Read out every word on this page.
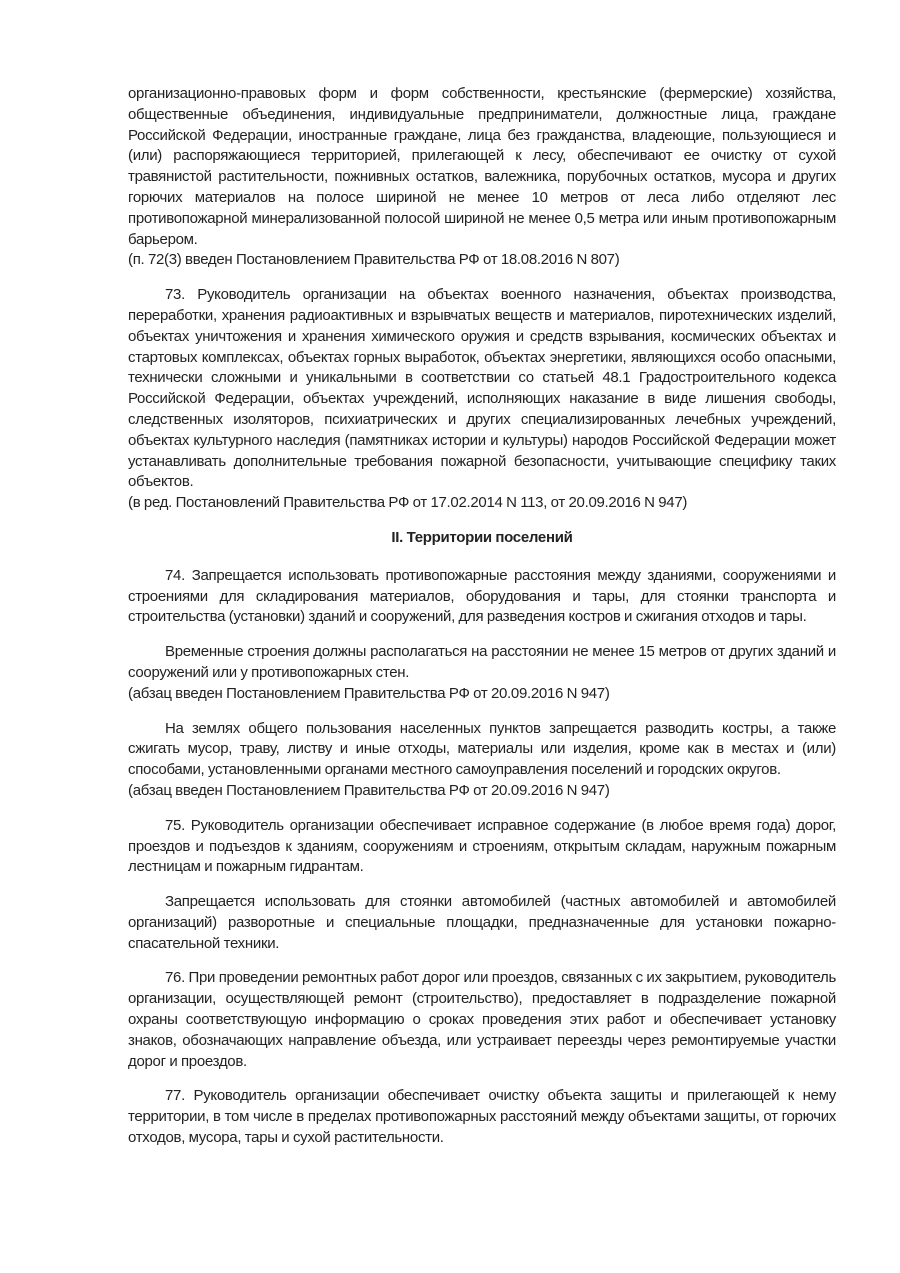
организационно-правовых форм и форм собственности, крестьянские (фермерские) хозяйства, общественные объединения, индивидуальные предприниматели, должностные лица, граждане Российской Федерации, иностранные граждане, лица без гражданства, владеющие, пользующиеся и (или) распоряжающиеся территорией, прилегающей к лесу, обеспечивают ее очистку от сухой травянистой растительности, пожнивных остатков, валежника, порубочных остатков, мусора и других горючих материалов на полосе шириной не менее 10 метров от леса либо отделяют лес противопожарной минерализованной полосой шириной не менее 0,5 метра или иным противопожарным барьером.

(п. 72(3) введен Постановлением Правительства РФ от 18.08.2016 N 807)

73. Руководитель организации на объектах военного назначения, объектах производства, переработки, хранения радиоактивных и взрывчатых веществ и материалов, пиротехнических изделий, объектах уничтожения и хранения химического оружия и средств взрывания, космических объектах и стартовых комплексах, объектах горных выработок, объектах энергетики, являющихся особо опасными, технически сложными и уникальными в соответствии со статьей 48.1 Градостроительного кодекса Российской Федерации, объектах учреждений, исполняющих наказание в виде лишения свободы, следственных изоляторов, психиатрических и других специализированных лечебных учреждений, объектах культурного наследия (памятниках истории и культуры) народов Российской Федерации может устанавливать дополнительные требования пожарной безопасности, учитывающие специфику таких объектов.

(в ред. Постановлений Правительства РФ от 17.02.2014 N 113, от 20.09.2016 N 947)

II. Территории поселений

74. Запрещается использовать противопожарные расстояния между зданиями, сооружениями и строениями для складирования материалов, оборудования и тары, для стоянки транспорта и строительства (установки) зданий и сооружений, для разведения костров и сжигания отходов и тары.

Временные строения должны располагаться на расстоянии не менее 15 метров от других зданий и сооружений или у противопожарных стен.

(абзац введен Постановлением Правительства РФ от 20.09.2016 N 947)

На землях общего пользования населенных пунктов запрещается разводить костры, а также сжигать мусор, траву, листву и иные отходы, материалы или изделия, кроме как в местах и (или) способами, установленными органами местного самоуправления поселений и городских округов.

(абзац введен Постановлением Правительства РФ от 20.09.2016 N 947)

75. Руководитель организации обеспечивает исправное содержание (в любое время года) дорог, проездов и подъездов к зданиям, сооружениям и строениям, открытым складам, наружным пожарным лестницам и пожарным гидрантам.

Запрещается использовать для стоянки автомобилей (частных автомобилей и автомобилей организаций) разворотные и специальные площадки, предназначенные для установки пожарно-спасательной техники.

76. При проведении ремонтных работ дорог или проездов, связанных с их закрытием, руководитель организации, осуществляющей ремонт (строительство), предоставляет в подразделение пожарной охраны соответствующую информацию о сроках проведения этих работ и обеспечивает установку знаков, обозначающих направление объезда, или устраивает переезды через ремонтируемые участки дорог и проездов.

77. Руководитель организации обеспечивает очистку объекта защиты и прилегающей к нему территории, в том числе в пределах противопожарных расстояний между объектами защиты, от горючих отходов, мусора, тары и сухой растительности.
